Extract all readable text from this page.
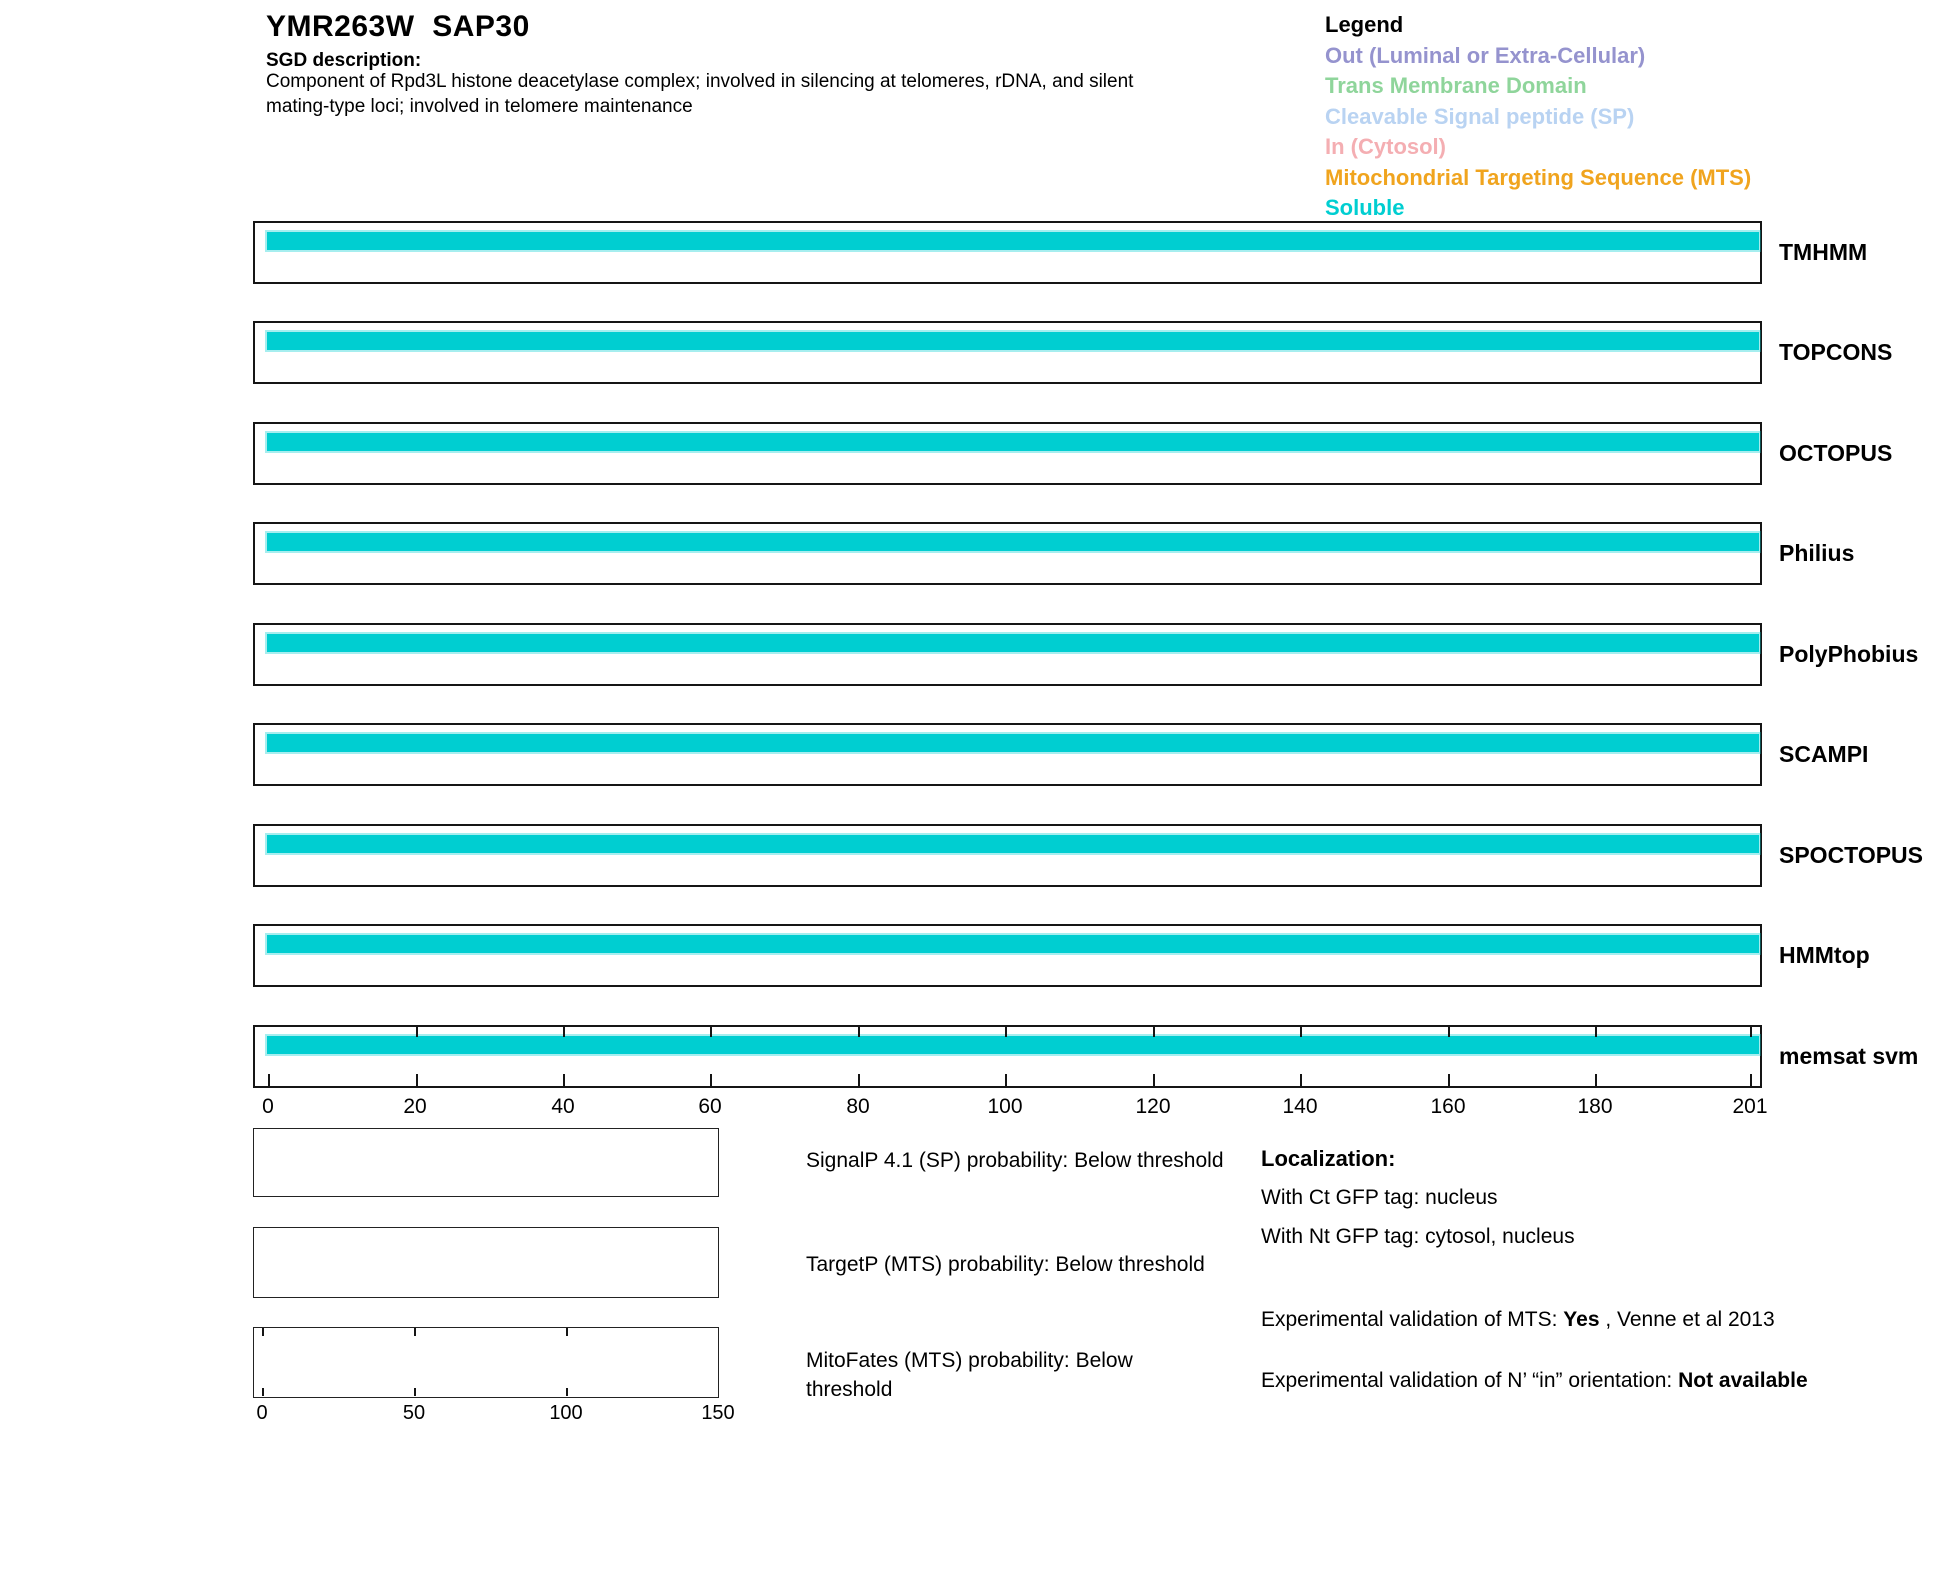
YMR263W  SAP30
SGD description:
Component of Rpd3L histone deacetylase complex; involved in silencing at telomeres, rDNA, and silent
mating-type loci; involved in telomere maintenance
Legend
Out (Luminal or Extra-Cellular)
Trans Membrane Domain
Cleavable Signal peptide (SP)
In (Cytosol)
Mitochondrial Targeting Sequence (MTS)
Soluble
TMHMM
TOPCONS
OCTOPUS
Philius
PolyPhobius
SCAMPI
SPOCTOPUS
HMMtop
memsat svm
0	20	40	60	80	100	120	140	160	180	201
SignalP 4.1 (SP) probability: Below threshold
TargetP (MTS) probability: Below threshold
MitoFates (MTS) probability: Below
threshold
0	50	100	150
Localization:
With Ct GFP tag: nucleus
With Nt GFP tag: cytosol, nucleus
Experimental validation of MTS: Yes , Venne et al 2013
Experimental validation of N’ “in” orientation: Not available
